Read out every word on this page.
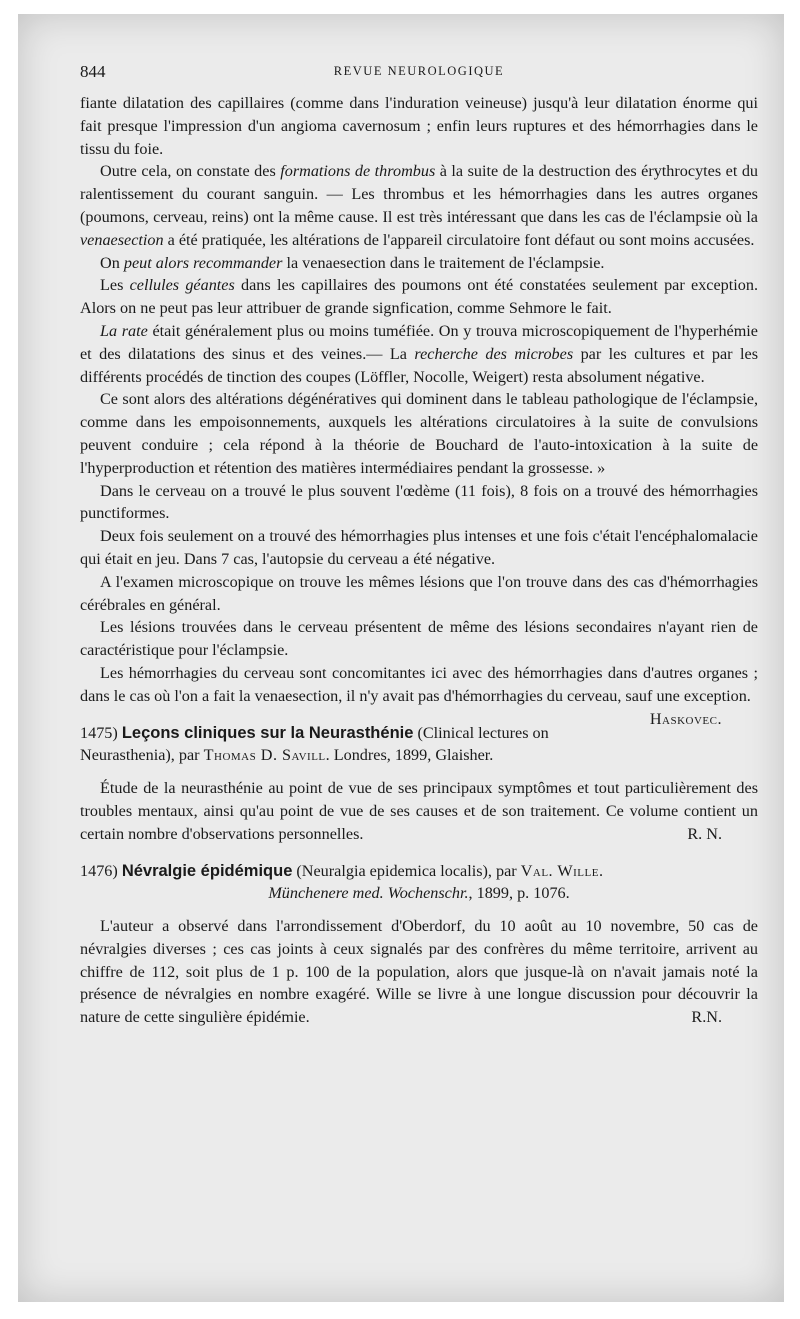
844	REVUE NEUROLOGIQUE

fiante dilatation des capillaires (comme dans l'induration veineuse) jusqu'à leur dilatation énorme qui fait presque l'impression d'un angioma cavernosum ; enfin leurs ruptures et des hémorrhagies dans le tissu du foie.

Outre cela, on constate des formations de thrombus à la suite de la destruction des érythrocytes et du ralentissement du courant sanguin. — Les thrombus et les hémorrhagies dans les autres organes (poumons, cerveau, reins) ont la même cause. Il est très intéressant que dans les cas de l'éclampsie où la venaesection a été pratiquée, les altérations de l'appareil circulatoire font défaut ou sont moins accusées.

On peut alors recommander la venaesection dans le traitement de l'éclampsie.

Les cellules géantes dans les capillaires des poumons ont été constatées seulement par exception. Alors on ne peut pas leur attribuer de grande signfication, comme Sehmore le fait.

La rate était généralement plus ou moins tuméfiée. On y trouva microscopiquement de l'hyperhémie et des dilatations des sinus et des veines.— La recherche des microbes par les cultures et par les différents procédés de tinction des coupes (Löffler, Nocolle, Weigert) resta absolument négative.

Ce sont alors des altérations dégénératives qui dominent dans le tableau pathologique de l'éclampsie, comme dans les empoisonnements, auxquels les altérations circulatoires à la suite de convulsions peuvent conduire ; cela répond à la théorie de Bouchard de l'auto-intoxication à la suite de l'hyperproduction et rétention des matières intermédiaires pendant la grossesse. »

Dans le cerveau on a trouvé le plus souvent l'œdème (11 fois), 8 fois on a trouvé des hémorrhagies punctiformes.

Deux fois seulement on a trouvé des hémorrhagies plus intenses et une fois c'était l'encéphalomalacie qui était en jeu. Dans 7 cas, l'autopsie du cerveau a été négative.

A l'examen microscopique on trouve les mêmes lésions que l'on trouve dans des cas d'hémorrhagies cérébrales en général.

Les lésions trouvées dans le cerveau présentent de même des lésions secondaires n'ayant rien de caractéristique pour l'éclampsie.

Les hémorrhagies du cerveau sont concomitantes ici avec des hémorrhagies dans d'autres organes ; dans le cas où l'on a fait la venaesection, il n'y avait pas d'hémorrhagies du cerveau, sauf une exception.
Haskovec.

1475) Leçons cliniques sur la Neurasthénie (Clinical lectures on Neurasthenia), par Thomas D. Savill. Londres, 1899, Glaisher.

Étude de la neurasthénie au point de vue de ses principaux symptômes et tout particulièrement des troubles mentaux, ainsi qu'au point de vue de ses causes et de son traitement. Ce volume contient un certain nombre d'observations personnelles.	R. N.

1476) Névralgie épidémique (Neuralgia epidemica localis), par Val. Wille.
Münchenere med. Wochenschr., 1899, p. 1076.

L'auteur a observé dans l'arrondissement d'Oberdorf, du 10 août au 10 novembre, 50 cas de névralgies diverses ; ces cas joints à ceux signalés par des confrères du même territoire, arrivent au chiffre de 112, soit plus de 1 p. 100 de la population, alors que jusque-là on n'avait jamais noté la présence de névralgies en nombre exagéré. Wille se livre à une longue discussion pour découvrir la nature de cette singulière épidémie.	R.N.
